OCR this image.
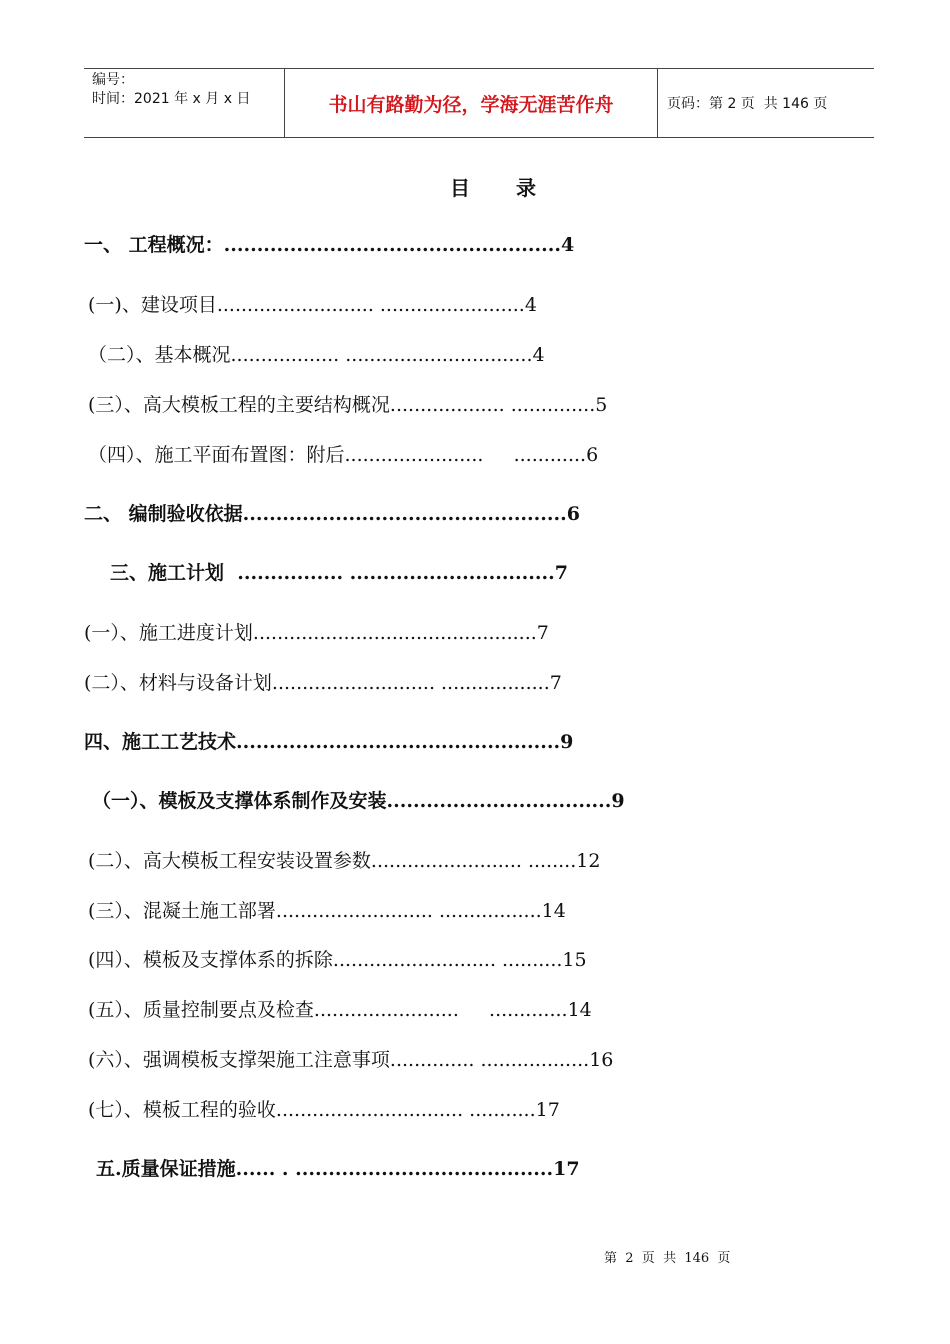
编号：
时间：2021 年 x 月 x 日	书山有路勤为径，学海无涯苦作舟	页码：第 2 页  共 146 页
目录
一、 工程概况：...................................................4
(一)、建设项目.......................... ........................4
（二）、基本概况.................. ...............................4
(三）、高大模板工程的主要结构概况................... ..............5
（四）、施工平面布置图：附后.......................     ............6
二、 编制验收依据.................................................6
三、施工计划  ................ ...............................7
(一）、施工进度计划...............................................7
(二）、材料与设备计划........................... ..................7
四、施工工艺技术.................................................9
（一）、模板及支撑体系制作及安装..................................9
(二）、高大模板工程安装设置参数......................... ........12
(三）、混凝土施工部署.......................... .................14
(四）、模板及支撑体系的拆除........................... ..........15
(五）、质量控制要点及检查........................     .............14
(六）、强调模板支撑架施工注意事项.............. ..................16
(七）、模板工程的验收............................... ...........17
五.质量保证措施...... . .......................................17
第  2  页  共  146  页
